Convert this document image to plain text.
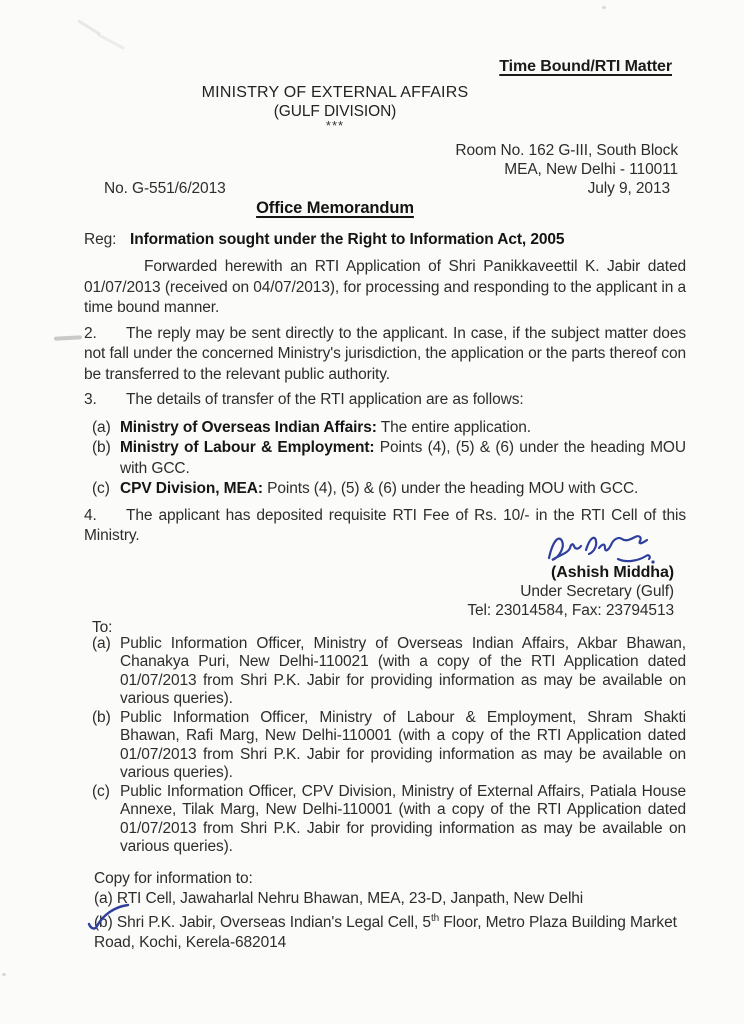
Time Bound/RTI Matter
MINISTRY OF EXTERNAL AFFAIRS
(GULF DIVISION)
***
Room No. 162 G-III, South Block
MEA, New Delhi - 110011
No. G-551/6/2013	July 9, 2013
Office Memorandum
Reg: Information sought under the Right to Information Act, 2005

Forwarded herewith an RTI Application of Shri Panikkaveettil K. Jabir dated 01/07/2013 (received on 04/07/2013), for processing and responding to the applicant in a time bound manner.

2. The reply may be sent directly to the applicant. In case, if the subject matter does not fall under the concerned Ministry's jurisdiction, the application or the parts thereof con be transferred to the relevant public authority.

3. The details of transfer of the RTI application are as follows:

(a) Ministry of Overseas Indian Affairs: The entire application.
(b) Ministry of Labour & Employment: Points (4), (5) & (6) under the heading MOU with GCC.
(c) CPV Division, MEA: Points (4), (5) & (6) under the heading MOU with GCC.

4. The applicant has deposited requisite RTI Fee of Rs. 10/- in the RTI Cell of this Ministry.

(Ashish Middha)
Under Secretary (Gulf)
Tel: 23014584, Fax: 23794513
To:
(a) Public Information Officer, Ministry of Overseas Indian Affairs, Akbar Bhawan, Chanakya Puri, New Delhi-110021 (with a copy of the RTI Application dated 01/07/2013 from Shri P.K. Jabir for providing information as may be available on various queries).
(b) Public Information Officer, Ministry of Labour & Employment, Shram Shakti Bhawan, Rafi Marg, New Delhi-110001 (with a copy of the RTI Application dated 01/07/2013 from Shri P.K. Jabir for providing information as may be available on various queries).
(c) Public Information Officer, CPV Division, Ministry of External Affairs, Patiala House Annexe, Tilak Marg, New Delhi-110001 (with a copy of the RTI Application dated 01/07/2013 from Shri P.K. Jabir for providing information as may be available on various queries).
Copy for information to:
(a) RTI Cell, Jawaharlal Nehru Bhawan, MEA, 23-D, Janpath, New Delhi
(b) Shri P.K. Jabir, Overseas Indian's Legal Cell, 5th Floor, Metro Plaza Building Market Road, Kochi, Kerela-682014
